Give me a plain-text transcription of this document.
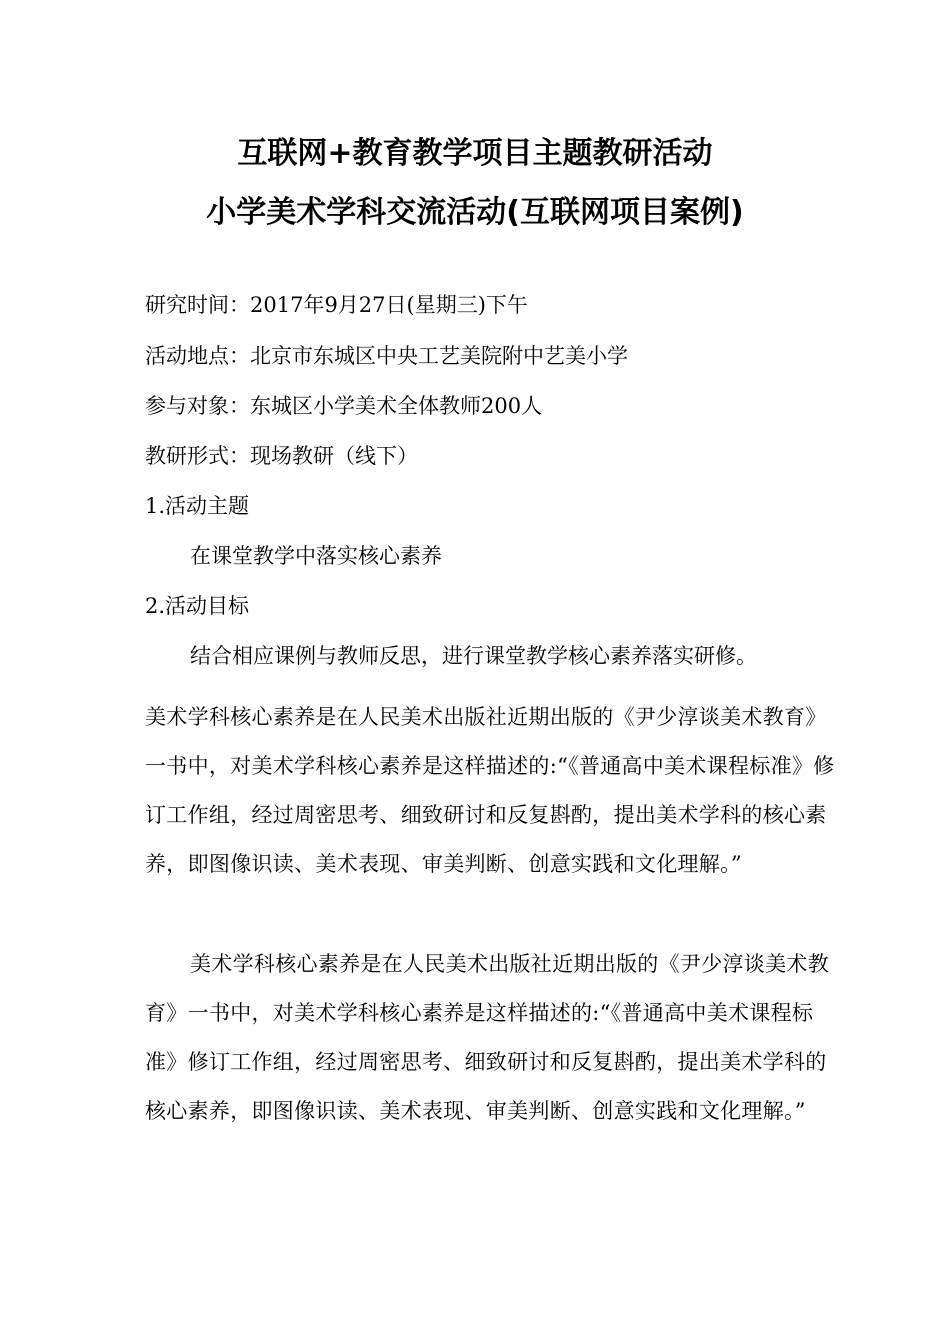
互联网+教育教学项目主题教研活动
小学美术学科交流活动(互联网项目案例)
研究时间：2017年9月27日(星期三)下午
活动地点：北京市东城区中央工艺美院附中艺美小学
参与对象：东城区小学美术全体教师200人
教研形式：现场教研（线下）
1.活动主题
在课堂教学中落实核心素养
2.活动目标
结合相应课例与教师反思，进行课堂教学核心素养落实研修。
美术学科核心素养是在人民美术出版社近期出版的《尹少淳谈美术教育》一书中，对美术学科核心素养是这样描述的:“《普通高中美术课程标准》修订工作组，经过周密思考、细致研讨和反复斟酌，提出美术学科的核心素养，即图像识读、美术表现、审美判断、创意实践和文化理解。”
美术学科核心素养是在人民美术出版社近期出版的《尹少淳谈美术教育》一书中，对美术学科核心素养是这样描述的:“《普通高中美术课程标准》修订工作组，经过周密思考、细致研讨和反复斟酌，提出美术学科的核心素养，即图像识读、美术表现、审美判断、创意实践和文化理解。”
